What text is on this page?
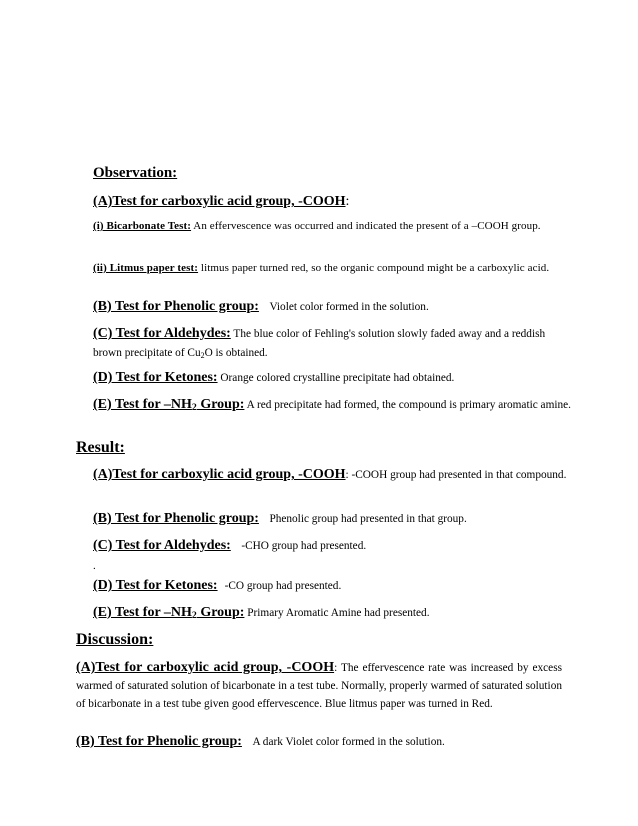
Observation:
(A)Test for carboxylic acid group, -COOH:

(i) Bicarbonate Test: An effervescence was occurred and indicated the present of a –COOH group.

(ii) Litmus paper test: litmus paper turned red, so the organic compound might be a carboxylic acid.

(B) Test for Phenolic group: Violet color formed in the solution.
(C) Test for Aldehydes: The blue color of Fehling's solution slowly faded away and a reddish brown precipitate of $Cu_2O$ is obtained.
(D) Test for Ketones: Orange colored crystalline precipitate had obtained.
(E) Test for $-NH_2$ Group: A red precipitate had formed, the compound is primary aromatic amine.
Result:
(A)Test for carboxylic acid group, -COOH: -COOH group had presented in that compound.
(B) Test for Phenolic group: Phenolic group had presented in that group.
(C) Test for Aldehydes: -CHO group had presented.
.
(D) Test for Ketones: -CO group had presented.
(E) Test for $-NH_2$ Group: Primary Aromatic Amine had presented.
Discussion:
(A)Test for carboxylic acid group, -COOH: The effervescence rate was increased by excess warmed of saturated solution of bicarbonate in a test tube. Normally, properly warmed of saturated solution of bicarbonate in a test tube given good effervescence. Blue litmus paper was turned in Red.
(B) Test for Phenolic group: A dark Violet color formed in the solution.
